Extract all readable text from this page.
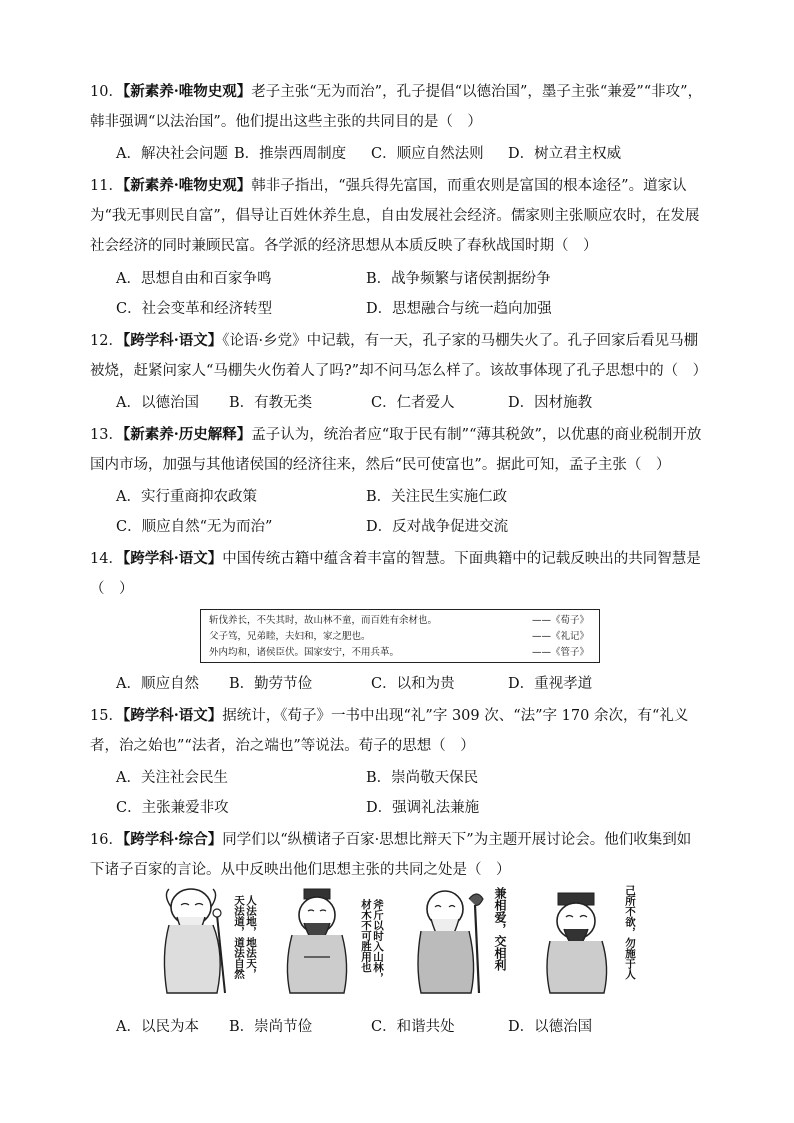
10．【新素养·唯物史观】老子主张“无为而治”，孔子提倡“以德治国”，墨子主张“兼爱”“非攻”，韩非强调“以法治国”。他们提出这些主张的共同目的是（　）

A．解决社会问题 B．推崇西周制度 C．顺应自然法则 D．树立君主权威

11．【新素养·唯物史观】韩非子指出，“强兵得先富国，而重农则是富国的根本途径”。道家认为“我无事则民自富”，倡导让百姓休养生息，自由发展社会经济。儒家则主张顺应农时，在发展社会经济的同时兼顾民富。各学派的经济思想从本质反映了春秋战国时期（　）

A．思想自由和百家争鸣	B．战争频繁与诸侯割据纷争
C．社会变革和经济转型	D．思想融合与统一趋向加强

12．【跨学科·语文】《论语·乡党》中记载，有一天，孔子家的马棚失火了。孔子回家后看见马棚被烧，赶紧问家人“马棚失火伤着人了吗?”却不问马怎么样了。该故事体现了孔子思想中的（　）

A．以德治国 B．有教无类	C．仁者爱人	D．因材施教

13．【新素养·历史解释】孟子认为，统治者应“取于民有制”“薄其税敛”，以优惠的商业税制开放国内市场，加强与其他诸侯国的经济往来，然后“民可使富也”。据此可知，孟子主张（　）

A．实行重商抑农政策	B．关注民生实施仁政
C．顺应自然“无为而治”	D．反对战争促进交流

14．【跨学科·语文】中国传统古籍中蕴含着丰富的智慧。下面典籍中的记载反映出的共同智慧是（　）

斩伐养长，不失其时，故山林不童，而百姓有余材也。	——《荀子》
父子笃，兄弟睦，夫妇和，家之肥也。	——《礼记》
外内均和，诸侯臣伏。国家安宁，不用兵革。	——《管子》
A．顺应自然 B．勤劳节俭	C．以和为贵	D．重视孝道

15．【跨学科·语文】据统计，《荀子》一书中出现“礼”字 309 次、“法”字 170 余次，有“礼义者，治之始也”“法者，治之端也”等说法。荀子的思想（　）

A．关注社会民生	B．崇尚敬天保民
C．主张兼爱非攻	D．强调礼法兼施

16．【跨学科·综合】同学们以“纵横诸子百家·思想比辩天下”为主题开展讨论会。他们收集到如下诸子百家的言论。从中反映出他们思想主张的共同之处是（　）

人法地，地法天，天法道，道法自然	斧斤以时入山林，材木不可胜用也	兼相爱，交相利	己所不欲，勿施于人
A．以民为本 B．崇尚节俭	C．和谐共处	D．以德治国
